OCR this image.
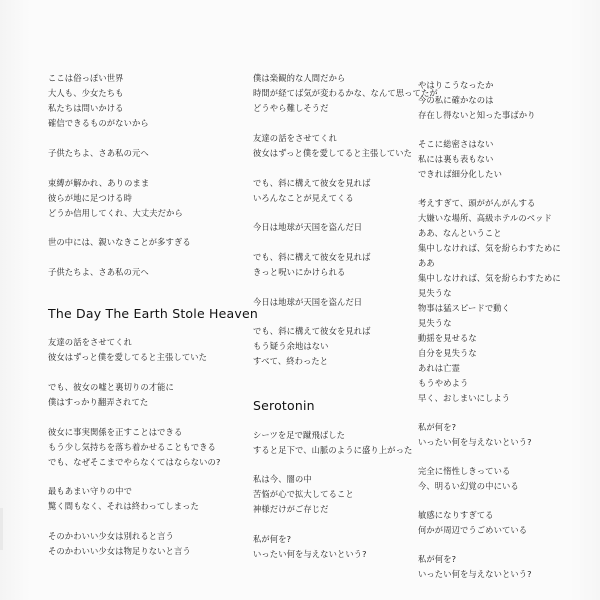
ここは俗っぽい世界
大人も、少女たちも
私たちは問いかける
確信できるものがないから
子供たちよ、さあ私の元へ
束縛が解かれ、ありのまま
彼らが地に足つける時
どうか信用してくれ、大丈夫だから
世の中には、親いなきことが多すぎる
子供たちよ、さあ私の元へ
The Day The Earth Stole Heaven
友達の話をさせてくれ
彼女はずっと僕を愛してると主張していた
でも、彼女の嘘と裏切りの才能に
僕はすっかり翻弄されてた
彼女に事実関係を正すことはできる
もう少し気持ちを落ち着かせることもできる
でも、なぜそこまでやらなくてはならないの?
最もあまい守りの中で
驚く間もなく、それは終わってしまった
そのかわいい少女は別れると言う
そのかわいい少女は物足りないと言う
僕は楽観的な人間だから
時間が経てば気が変わるかな、なんて思ってたが
どうやら難しそうだ
友達の話をさせてくれ
彼女はずっと僕を愛してると主張していた
でも、斜に構えて彼女を見れば
いろんなことが見えてくる
今日は地球が天国を盗んだ日
でも、斜に構えて彼女を見れば
きっと呪いにかけられる
今日は地球が天国を盗んだ日
でも、斜に構えて彼女を見れば
もう疑う余地はない
すべて、終わったと
Serotonin
シーツを足で蹴飛ばした
すると足下で、山脈のように盛り上がった
私は今、闇の中
苦悩が心で拡大してること
神様だけがご存じだ
私が何を?
いったい何を与えないという?
やはりこうなったか
今の私に確かなのは
存在し得ないと知った事ばかり
そこに総密さはない
私には裏も表もない
できれば細分化したい
考えすぎて、頭ががんがんする
大嫌いな場所、高級ホテルのベッド
ああ、なんということ
集中しなければ、気を紛らわすために
ああ
集中しなければ、気を紛らわすために
見失うな
物事は猛スピードで動く
見失うな
動揺を見せるな
自分を見失うな
あれは亡霊
もうやめよう
早く、おしまいにしよう
私が何を?
いったい何を与えないという?
完全に惰性しきっている
今、明るい幻覚の中にいる
敏感になりすぎてる
何かが周辺でうごめいている
私が何を?
いったい何を与えないという?
